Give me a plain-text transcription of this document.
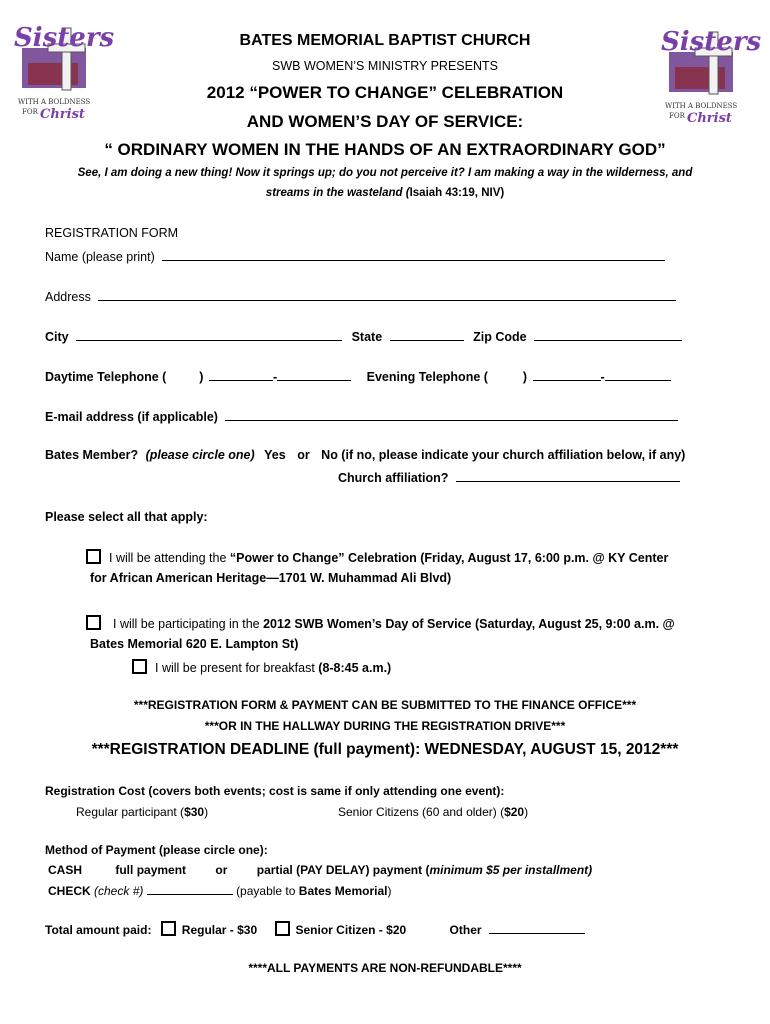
Sisters
WITH A BOLDNESS
FOR Christ
Sisters
WITH A BOLDNESS
FOR Christ
BATES MEMORIAL BAPTIST CHURCH
SWB WOMEN’S MINISTRY PRESENTS
2012 “POWER TO CHANGE” CELEBRATION
AND WOMEN’S DAY OF SERVICE:
“ ORDINARY WOMEN IN THE HANDS OF AN EXTRAORDINARY GOD”
See, I am doing a new thing! Now it springs up; do you not perceive it? I am making a way in the wilderness, and
streams in the wasteland (Isaiah 43:19, NIV)
REGISTRATION FORM
Name (please print)
Address
City	State	Zip Code
Daytime Telephone (	)	-	Evening Telephone (	)	-
E-mail address (if applicable)
Bates Member? (please circle one) Yes or No (if no, please indicate your church affiliation below, if any)
Church affiliation?
Please select all that apply:
I will be attending the “Power to Change” Celebration (Friday, August 17, 6:00 p.m. @ KY Center
for African American Heritage—1701 W. Muhammad Ali Blvd)
I will be participating in the 2012 SWB Women’s Day of Service (Saturday, August 25, 9:00 a.m. @
Bates Memorial 620 E. Lampton St)
I will be present for breakfast (8-8:45 a.m.)
***REGISTRATION FORM & PAYMENT CAN BE SUBMITTED TO THE FINANCE OFFICE***
***OR IN THE HALLWAY DURING THE REGISTRATION DRIVE***
***REGISTRATION DEADLINE (full payment): WEDNESDAY, AUGUST 15, 2012***
Registration Cost (covers both events; cost is same if only attending one event):
Regular participant ($30)	Senior Citizens (60 and older) ($20)
Method of Payment (please circle one):
CASH	full payment or partial (PAY DELAY) payment (minimum $5 per installment)
CHECK (check #)	(payable to Bates Memorial)
Total amount paid:	Regular - $30	Senior Citizen - $20	Other
****ALL PAYMENTS ARE NON-REFUNDABLE****
